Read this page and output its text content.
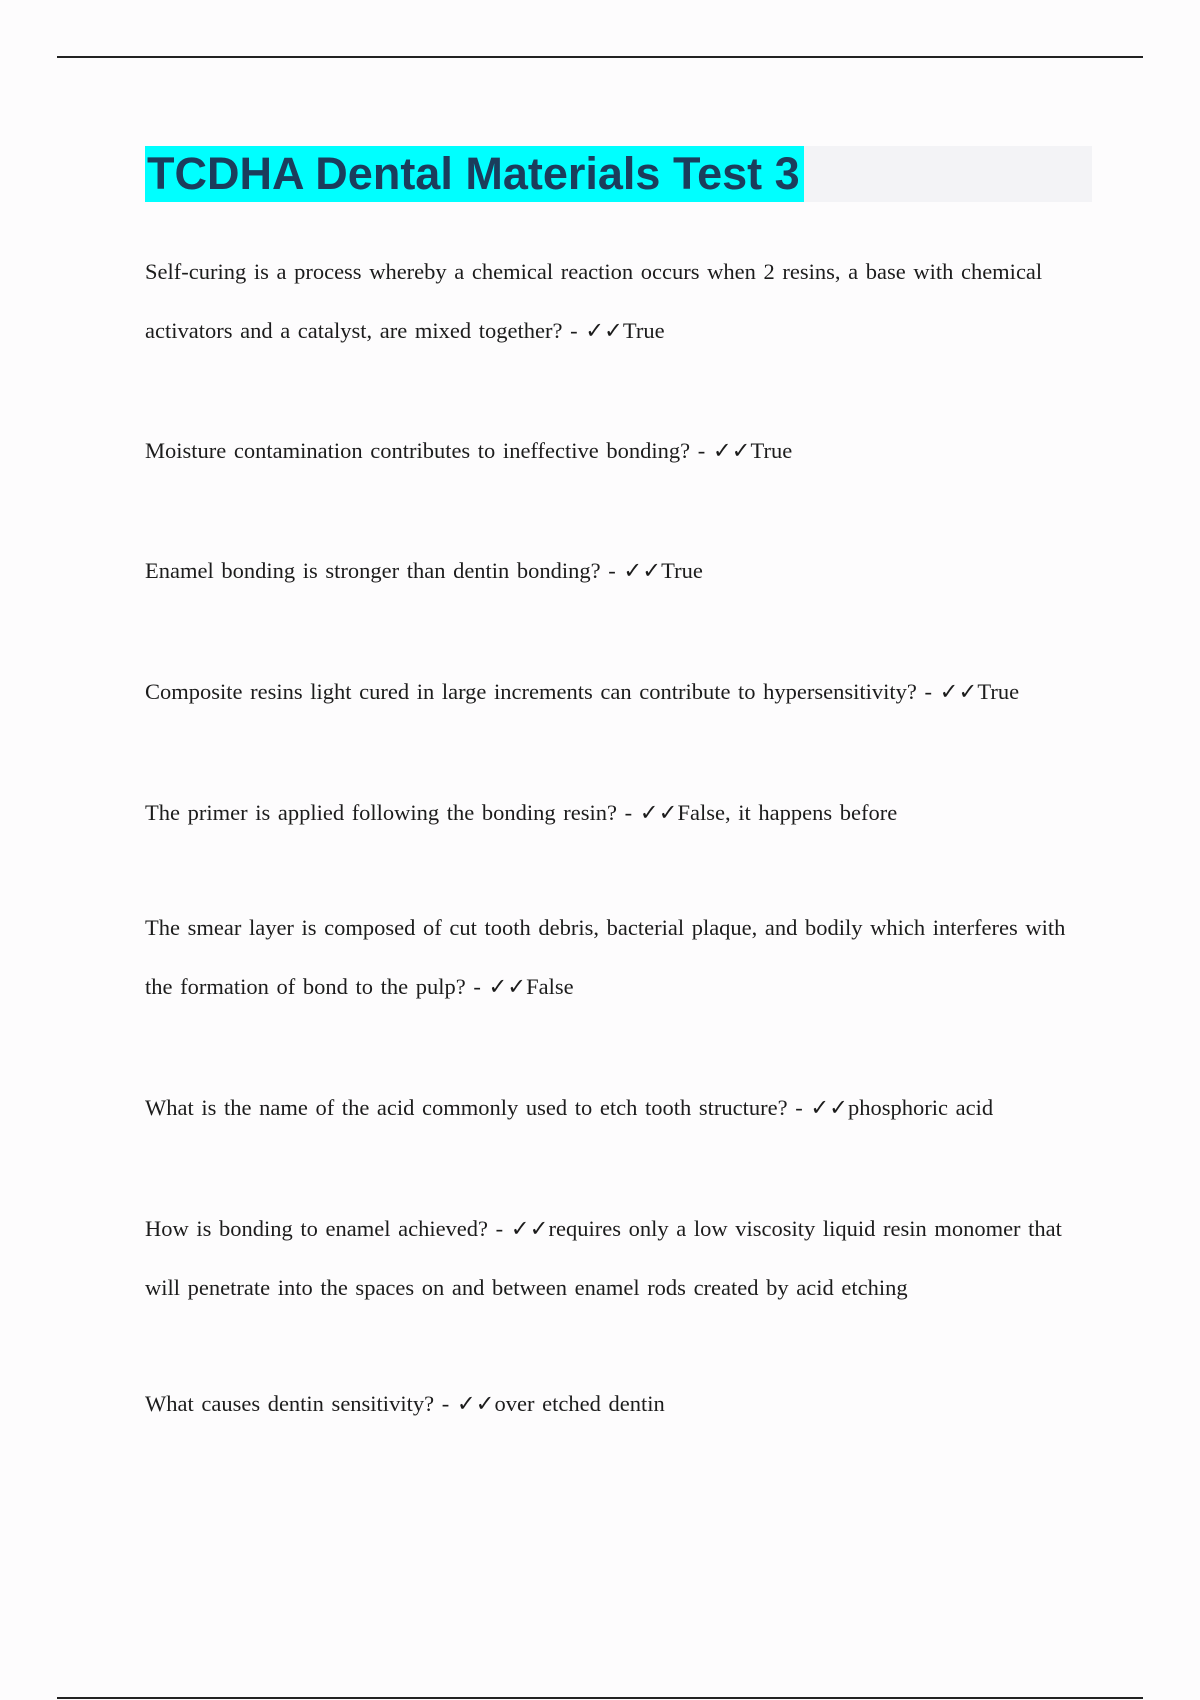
TCDHA Dental Materials Test 3

Self-curing is a process whereby a chemical reaction occurs when 2 resins, a base with chemical activators and a catalyst, are mixed together? - ✓✓True

Moisture contamination contributes to ineffective bonding? - ✓✓True

Enamel bonding is stronger than dentin bonding? - ✓✓True

Composite resins light cured in large increments can contribute to hypersensitivity? - ✓✓True

The primer is applied following the bonding resin? - ✓✓False, it happens before

The smear layer is composed of cut tooth debris, bacterial plaque, and bodily which interferes with the formation of bond to the pulp? - ✓✓False

What is the name of the acid commonly used to etch tooth structure? - ✓✓phosphoric acid

How is bonding to enamel achieved? - ✓✓requires only a low viscosity liquid resin monomer that will penetrate into the spaces on and between enamel rods created by acid etching

What causes dentin sensitivity? - ✓✓over etched dentin
